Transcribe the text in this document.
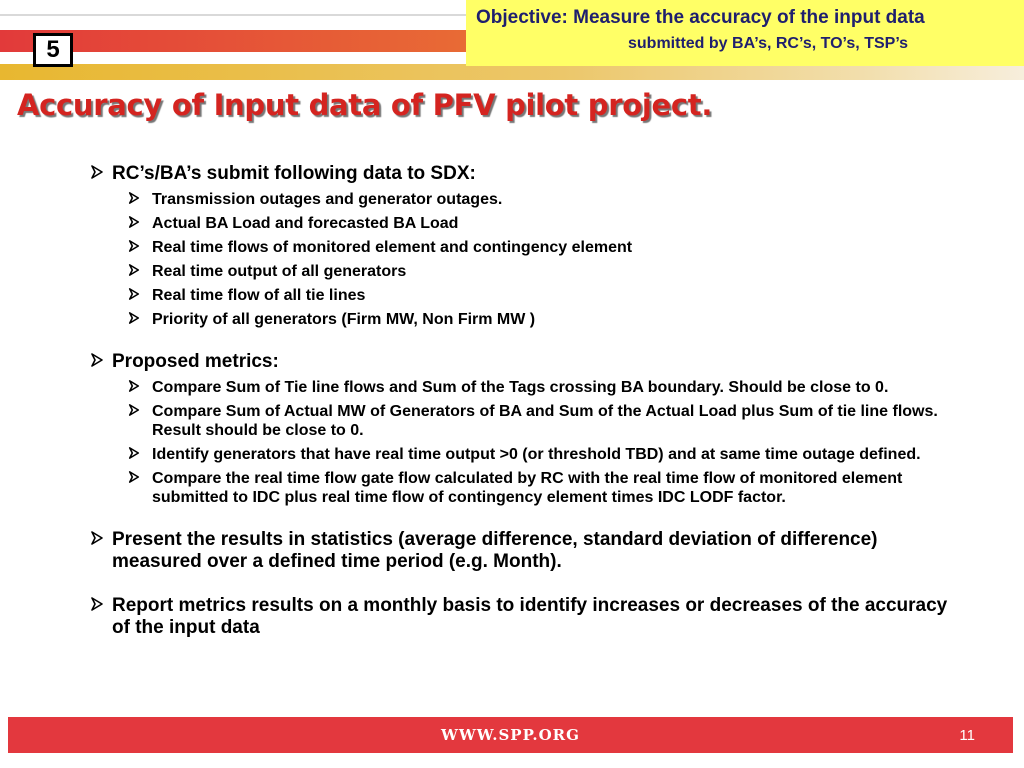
5
Objective: Measure the accuracy of the input data
submitted by BA’s, RC’s, TO’s, TSP’s
Accuracy of Input data of PFV pilot project.
RC’s/BA’s submit following data to SDX:
Transmission outages and generator outages.
Actual BA Load and forecasted BA Load
Real time flows of monitored element and contingency element
Real time output of all generators
Real time flow of all tie lines
Priority of all generators (Firm MW, Non Firm MW )
Proposed metrics:
Compare Sum of Tie line flows and Sum of the Tags crossing BA boundary. Should be close to 0.
Compare Sum of Actual MW of Generators of BA and Sum of the Actual Load plus Sum of tie line flows. Result should be close to 0.
Identify generators that have real time output >0 (or threshold TBD) and at same time outage defined.
Compare the real time flow gate flow calculated by RC with the real time flow of monitored element submitted to IDC plus real time flow of contingency element times IDC LODF factor.
Present the results in statistics (average difference, standard deviation of difference) measured over a defined time period (e.g. Month).
Report metrics results on a monthly basis to identify increases or decreases of the accuracy of the input data
WWW.SPP.ORG	11
